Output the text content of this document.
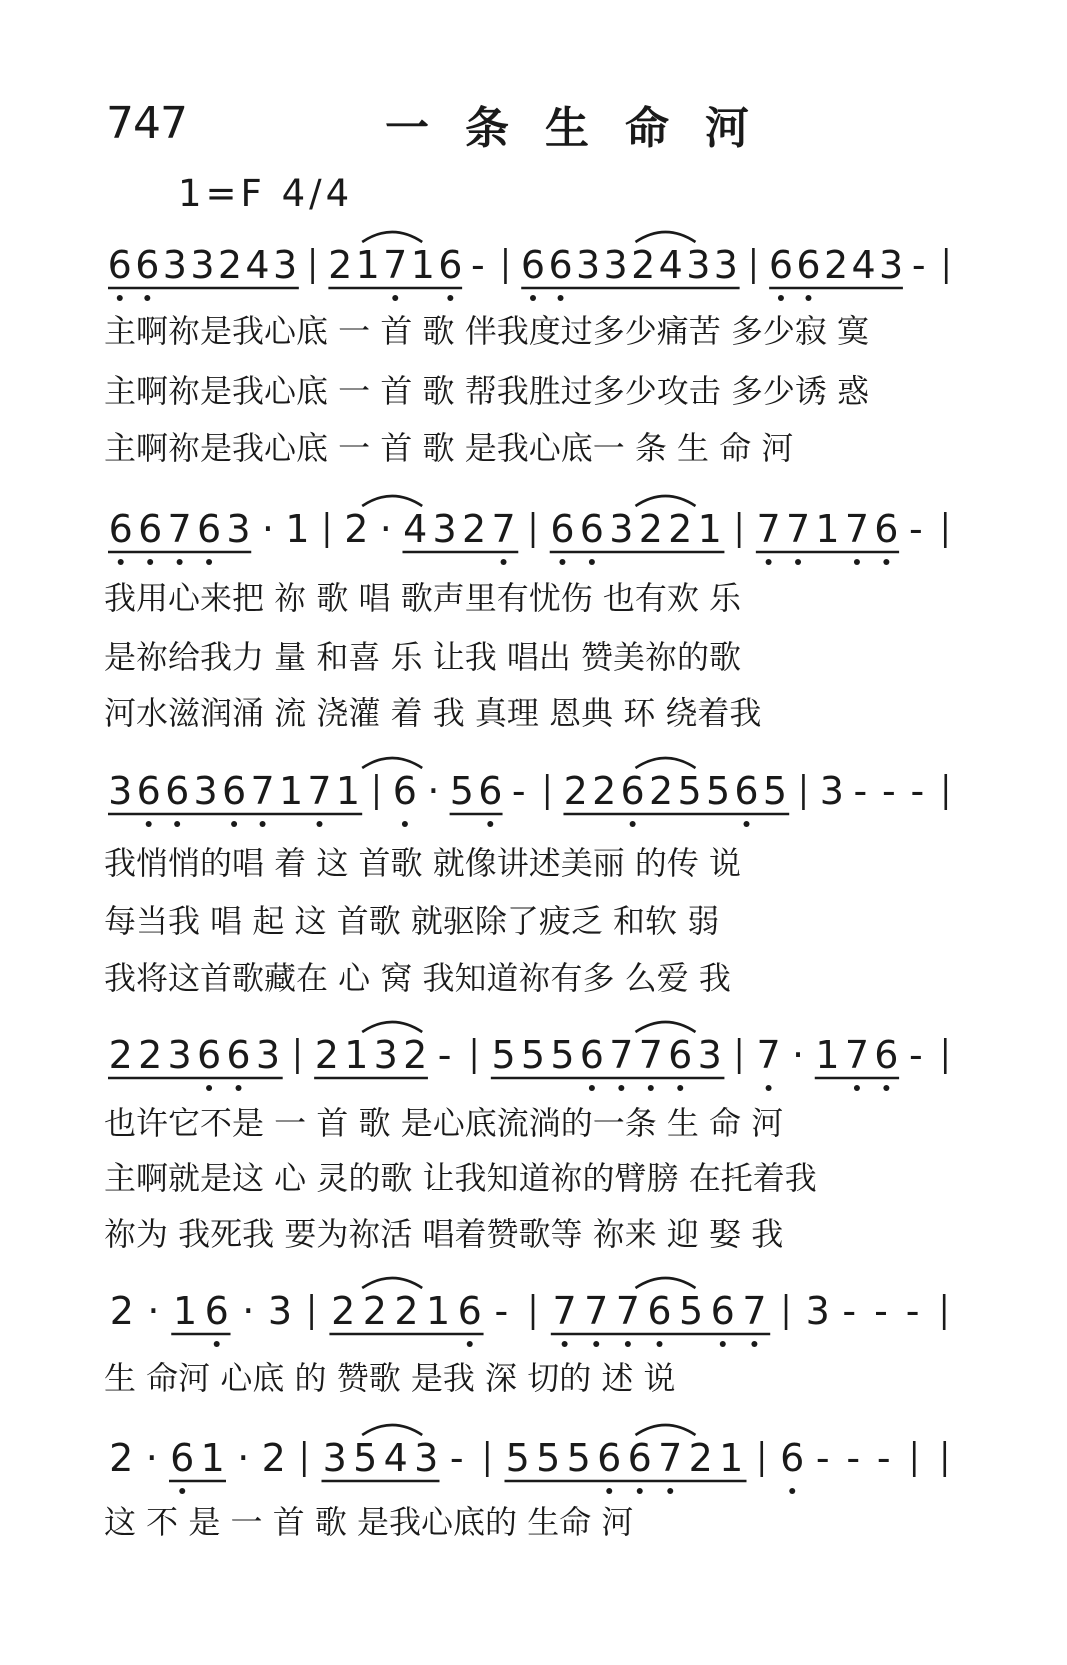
747	一条生命河
1=F 4/4
6 6 3 3 2 4 3 2 1 7 1 6 - 6 6 3 3 2 4 3 3 6 6 2 4 3 -
主啊祢是我心底 一 首 歌 伴我度过多少痛苦 多少寂 寞
主啊祢是我心底 一 首 歌 帮我胜过多少攻击 多少诱 惑
主啊祢是我心底 一 首 歌 是我心底一 条 生 命 河
6 6 7 6 3 · 1 2 · 4 3 2 7 6 6 3 2 2 1 7 7 1 7 6 -
我用心来把 祢 歌 唱 歌声里有忧伤 也有欢 乐
是祢给我力 量 和喜 乐 让我 唱出 赞美祢的歌
河水滋润涌 流 浇灌 着 我 真理 恩典 环 绕着我
3 6 6 3 6 7 1 7 1 6 · 5 6 - 2 2 6 2 5 5 6 5 3 - - -
我悄悄的唱 着 这 首歌 就像讲述美丽 的传 说
每当我 唱 起 这 首歌 就驱除了疲乏 和软 弱
我将这首歌藏在 心 窝 我知道祢有多 么爱 我
2 2 3 6 6 3 2 1 3 2 - 5 5 5 6 7 7 6 3 7 · 1 7 6 -
也许它不是 一 首 歌 是心底流淌的一条 生 命 河
主啊就是这 心 灵的歌 让我知道祢的臂膀 在托着我
祢为 我死我 要为祢活 唱着赞歌等 祢来 迎 娶 我
2 · 1 6 · 3 2 2 2 1 6 - 7 7 7 6 5 6 7 3 - - -
生 命河 心底 的 赞歌 是我 深 切的 述 说
2 · 6 1 · 2 3 5 4 3 - 5 5 5 6 6 7 2 1 6 - - -
这 不 是 一 首 歌 是我心底的 生命 河
